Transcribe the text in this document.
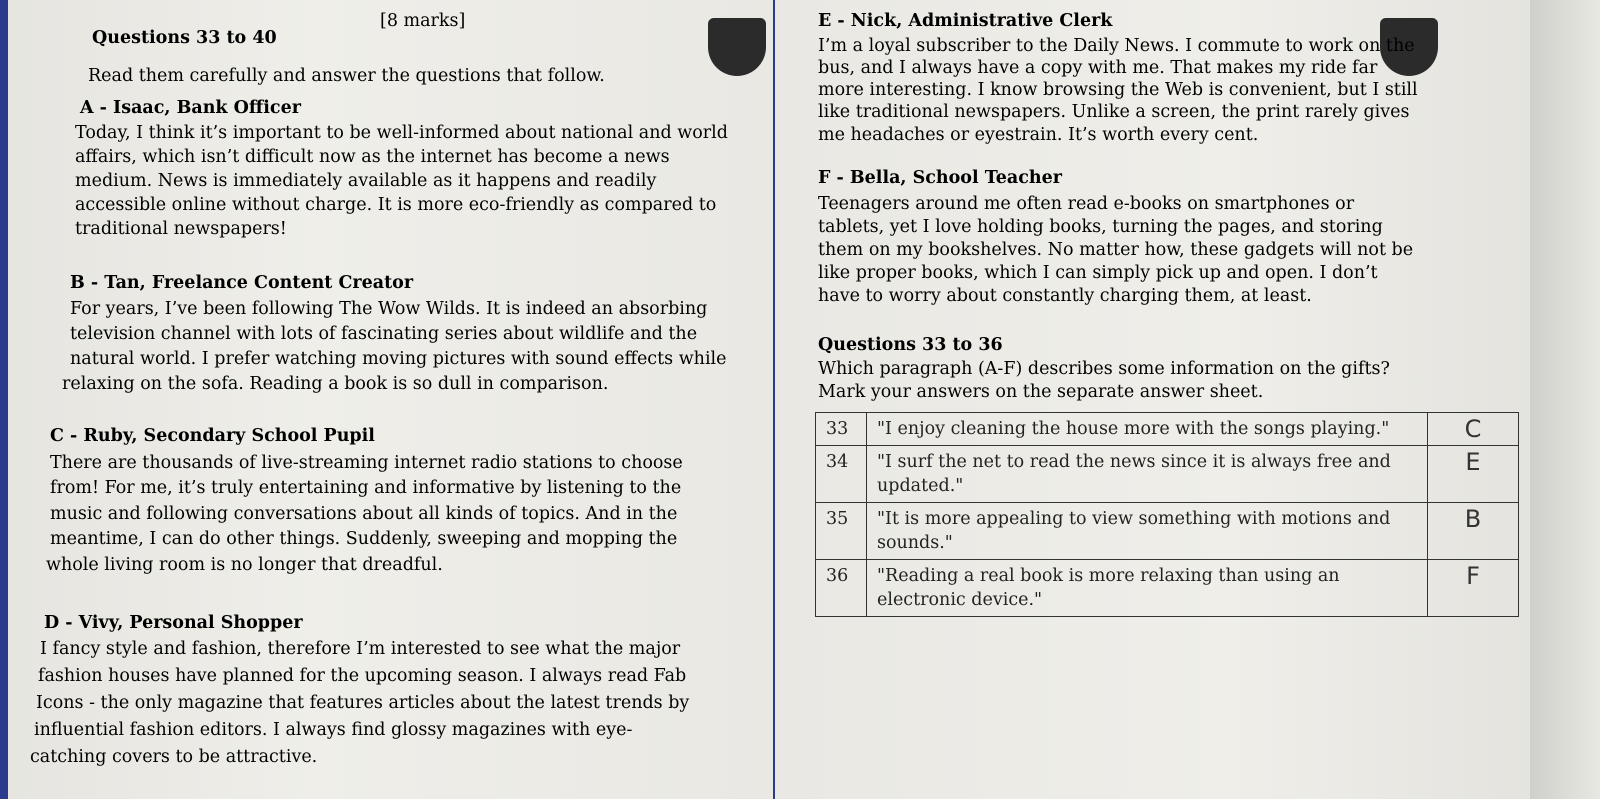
[8 marks]
Questions 33 to 40
Read them carefully and answer the questions that follow.
A - Isaac, Bank Officer
Today, I think it’s important to be well-informed about national and world
affairs, which isn’t difficult now as the internet has become a news
medium. News is immediately available as it happens and readily
accessible online without charge. It is more eco-friendly as compared to
traditional newspapers!
B - Tan, Freelance Content Creator
For years, I’ve been following The Wow Wilds. It is indeed an absorbing
television channel with lots of fascinating series about wildlife and the
natural world. I prefer watching moving pictures with sound effects while
relaxing on the sofa. Reading a book is so dull in comparison.
C - Ruby, Secondary School Pupil
There are thousands of live-streaming internet radio stations to choose
from! For me, it’s truly entertaining and informative by listening to the
music and following conversations about all kinds of topics. And in the
meantime, I can do other things. Suddenly, sweeping and mopping the
whole living room is no longer that dreadful.
D - Vivy, Personal Shopper
I fancy style and fashion, therefore I’m interested to see what the major
fashion houses have planned for the upcoming season. I always read Fab
Icons - the only magazine that features articles about the latest trends by
influential fashion editors. I always find glossy magazines with eye-
catching covers to be attractive.
E - Nick, Administrative Clerk
I’m a loyal subscriber to the Daily News. I commute to work on the
bus, and I always have a copy with me. That makes my ride far
more interesting. I know browsing the Web is convenient, but I still
like traditional newspapers. Unlike a screen, the print rarely gives
me headaches or eyestrain. It’s worth every cent.
F - Bella, School Teacher
Teenagers around me often read e-books on smartphones or
tablets, yet I love holding books, turning the pages, and storing
them on my bookshelves. No matter how, these gadgets will not be
like proper books, which I can simply pick up and open. I don’t
have to worry about constantly charging them, at least.
Questions 33 to 36
Which paragraph (A-F) describes some information on the gifts?
Mark your answers on the separate answer sheet.
33	"I enjoy cleaning the house more with the songs playing."	C
34	"I surf the net to read the news since it is always free and updated."	E
35	"It is more appealing to view something with motions and sounds."	B
36	"Reading a real book is more relaxing than using an electronic device."	F
